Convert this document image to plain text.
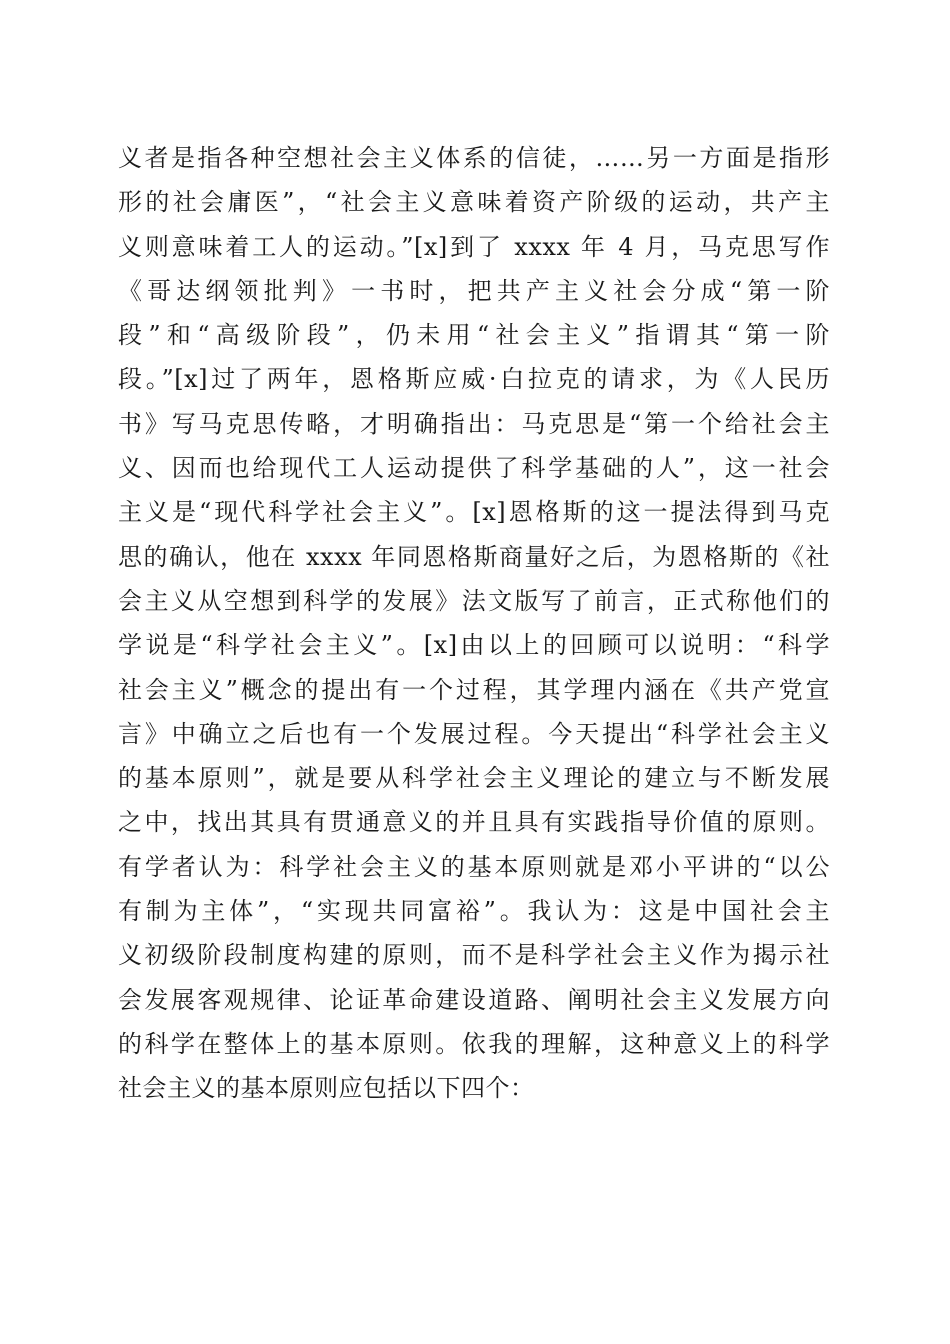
义者是指各种空想社会主义体系的信徒，……另一方面是指形
形的社会庸医”，“社会主义意味着资产阶级的运动，共产主
义则意味着工人的运动。”[x]到了 xxxx 年 4 月，马克思写作
《哥达纲领批判》一书时，把共产主义社会分成“第一阶
段”和“高级阶段”，仍未用“社会主义”指谓其“第一阶
段。”[x]过了两年，恩格斯应威·白拉克的请求，为《人民历
书》写马克思传略，才明确指出：马克思是“第一个给社会主
义、因而也给现代工人运动提供了科学基础的人”，这一社会
主义是“现代科学社会主义”。[x]恩格斯的这一提法得到马克
思的确认，他在 xxxx 年同恩格斯商量好之后，为恩格斯的《社
会主义从空想到科学的发展》法文版写了前言，正式称他们的
学说是“科学社会主义”。[x]由以上的回顾可以说明：“科学
社会主义”概念的提出有一个过程，其学理内涵在《共产党宣
言》中确立之后也有一个发展过程。今天提出“科学社会主义
的基本原则”，就是要从科学社会主义理论的建立与不断发展
之中，找出其具有贯通意义的并且具有实践指导价值的原则。
有学者认为：科学社会主义的基本原则就是邓小平讲的“以公
有制为主体”，“实现共同富裕”。我认为：这是中国社会主
义初级阶段制度构建的原则，而不是科学社会主义作为揭示社
会发展客观规律、论证革命建设道路、阐明社会主义发展方向
的科学在整体上的基本原则。依我的理解，这种意义上的科学
社会主义的基本原则应包括以下四个：
